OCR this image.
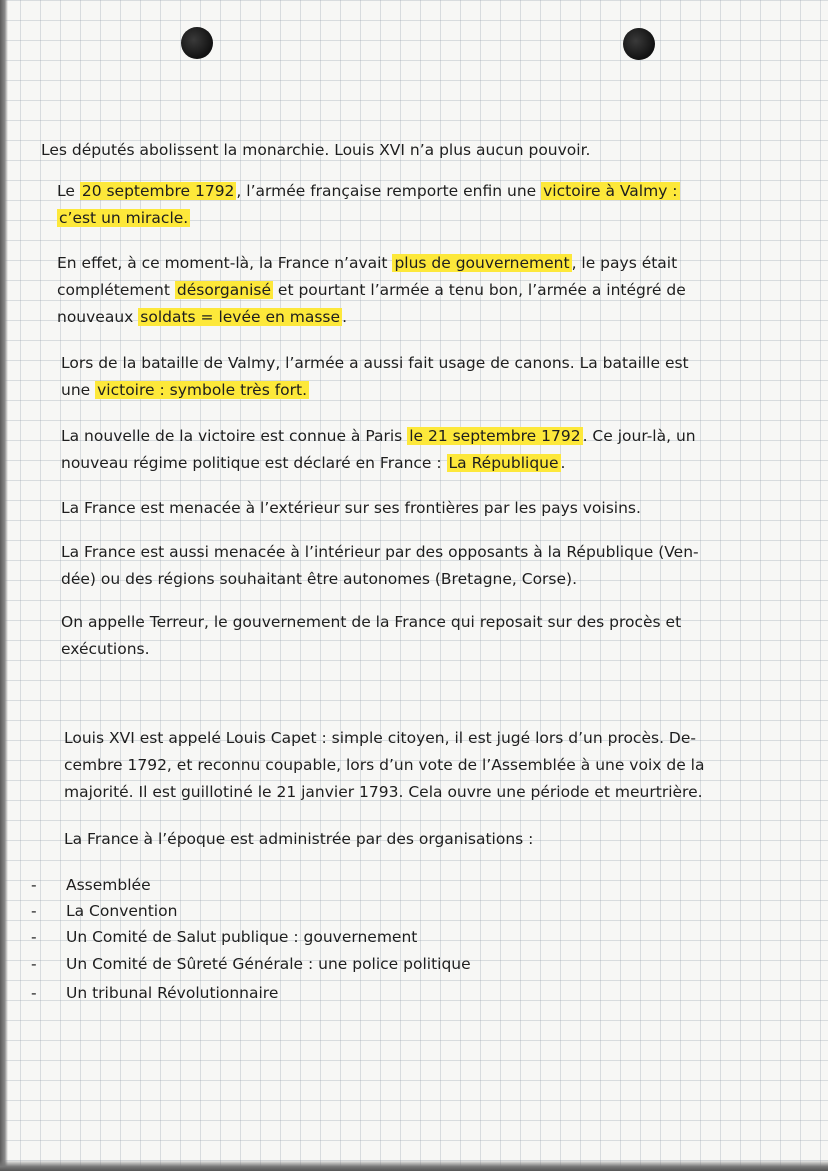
Les députés abolissent la monarchie. Louis XVI n’a plus aucun pouvoir.

Le 20 septembre 1792 , l’armée française remporte enfin une victoire à Valmy :
c’est un miracle.

En effet, à ce moment-là, la France n’avait plus de gouvernement , le pays était
complétement désorganisé et pourtant l’armée a tenu bon, l’armée a intégré de
nouveaux soldats = levée en masse .

Lors de la bataille de Valmy, l’armée a aussi fait usage de canons. La bataille est
une victoire : symbole très fort.

La nouvelle de la victoire est connue à Paris le 21 septembre 1792 . Ce jour-là, un
nouveau régime politique est déclaré en France : La République .

La France est menacée à l’extérieur sur ses frontières par les pays voisins.

La France est aussi menacée à l’intérieur par des opposants à la République (Ven-
dée) ou des régions souhaitant être autonomes (Bretagne, Corse).

On appelle Terreur, le gouvernement de la France qui reposait sur des procès et
exécutions.

Louis XVI est appelé Louis Capet : simple citoyen, il est jugé lors d’un procès. De-
cembre 1792, et reconnu coupable, lors d’un vote de l’Assemblée à une voix de la
majorité. Il est guillotiné le 21 janvier 1793. Cela ouvre une période et meurtrière.

La France à l’époque est administrée par des organisations :

- Assemblée
- La Convention
- Un Comité de Salut publique : gouvernement
- Un Comité de Sûreté Générale : une police politique
- Un tribunal Révolutionnaire
